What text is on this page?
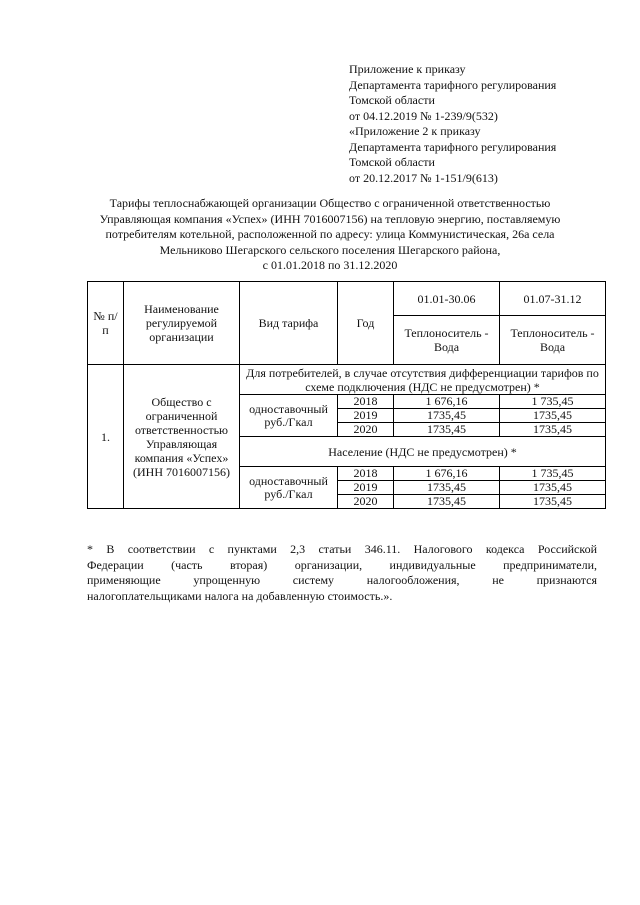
Приложение к приказу
Департамента тарифного регулирования
Томской области
от 04.12.2019 № 1-239/9(532)
«Приложение 2 к приказу
Департамента тарифного регулирования
Томской области
от 20.12.2017 № 1-151/9(613)
Тарифы теплоснабжающей организации Общество с ограниченной ответственностью
Управляющая компания «Успех» (ИНН 7016007156) на тепловую энергию, поставляемую
потребителям котельной, расположенной по адресу: улица Коммунистическая, 26а села
Мельниково Шегарского сельского поселения Шегарского района,
с 01.01.2018 по 31.12.2020
№ п/п	Наименование регулируемой организации	Вид тарифа	Год	01.01-30.06	01.07-31.12
				Теплоноситель - Вода	Теплоноситель - Вода
1.	Общество с ограниченной ответственностью Управляющая компания «Успех» (ИНН 7016007156)	Для потребителей, в случае отсутствия дифференциации тарифов по схеме подключения (НДС не предусмотрен) *			
		одноставочный руб./Гкал	2018	1 676,16	1 735,45
			2019	1735,45	1735,45
			2020	1735,45	1735,45
		Население (НДС не предусмотрен) *			
		одноставочный руб./Гкал	2018	1 676,16	1 735,45
			2019	1735,45	1735,45
			2020	1735,45	1735,45
* В соответствии с пунктами 2,3 статьи 346.11. Налогового кодекса Российской
Федерации (часть вторая) организации, индивидуальные предприниматели,
применяющие упрощенную систему налогообложения, не признаются
налогоплательщиками налога на добавленную стоимость.».
